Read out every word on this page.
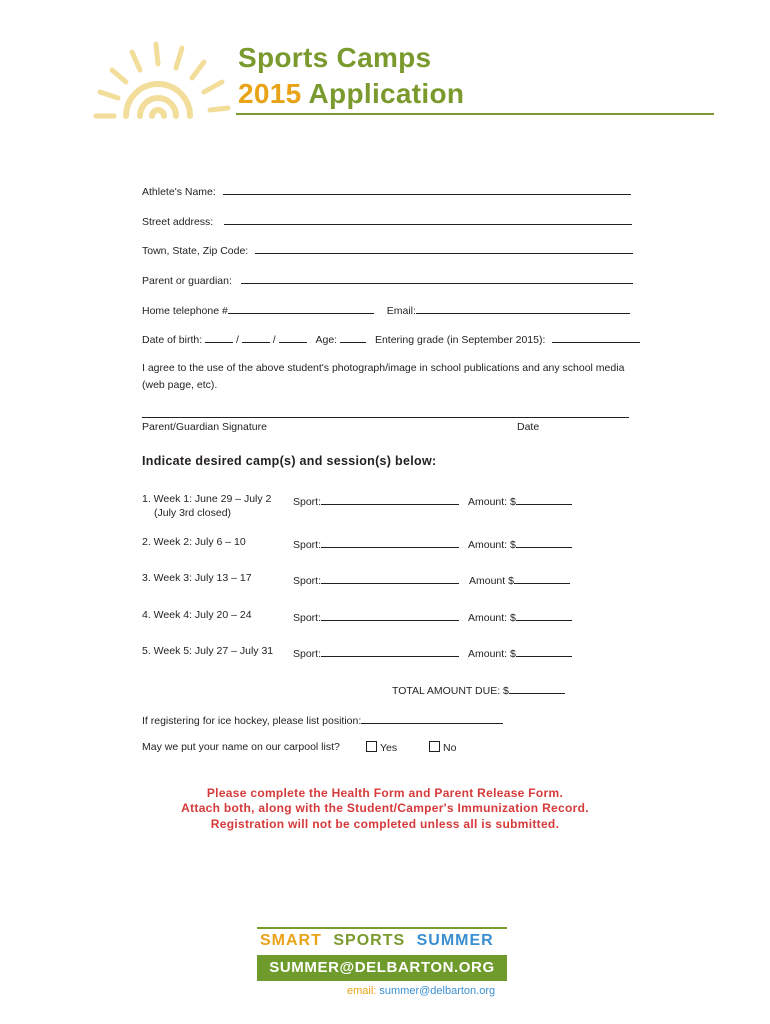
Sports Camps
2015 Application
Athlete's Name:
Street address:
Town, State, Zip Code:
Parent or guardian:
Home telephone #	Email:
Date of birth:	/	/	Age:	Entering grade (in September 2015):
I agree to the use of the above student's photograph/image in school publications and any school media
(web page, etc).
Parent/Guardian Signature	Date
Indicate desired camp(s) and session(s) below:
1. Week 1: June 29 – July 2
(July 3rd closed)
Sport:	Amount: $
2. Week 2: July 6 – 10	Sport:	Amount: $
3. Week 3: July 13 – 17	Sport:	Amount $
4. Week 4: July 20 – 24	Sport:	Amount: $
5. Week 5: July 27 – July 31 Sport:	Amount: $
TOTAL AMOUNT DUE: $
If registering for ice hockey, please list position:
May we put your name on our carpool list?	Yes	No
Please complete the Health Form and Parent Release Form.
Attach both, along with the Student/Camper's Immunization Record.
Registration will not be completed unless all is submitted.
SMART SPORTS SUMMER
SUMMER@DELBARTON.ORG
email: summer@delbarton.org
